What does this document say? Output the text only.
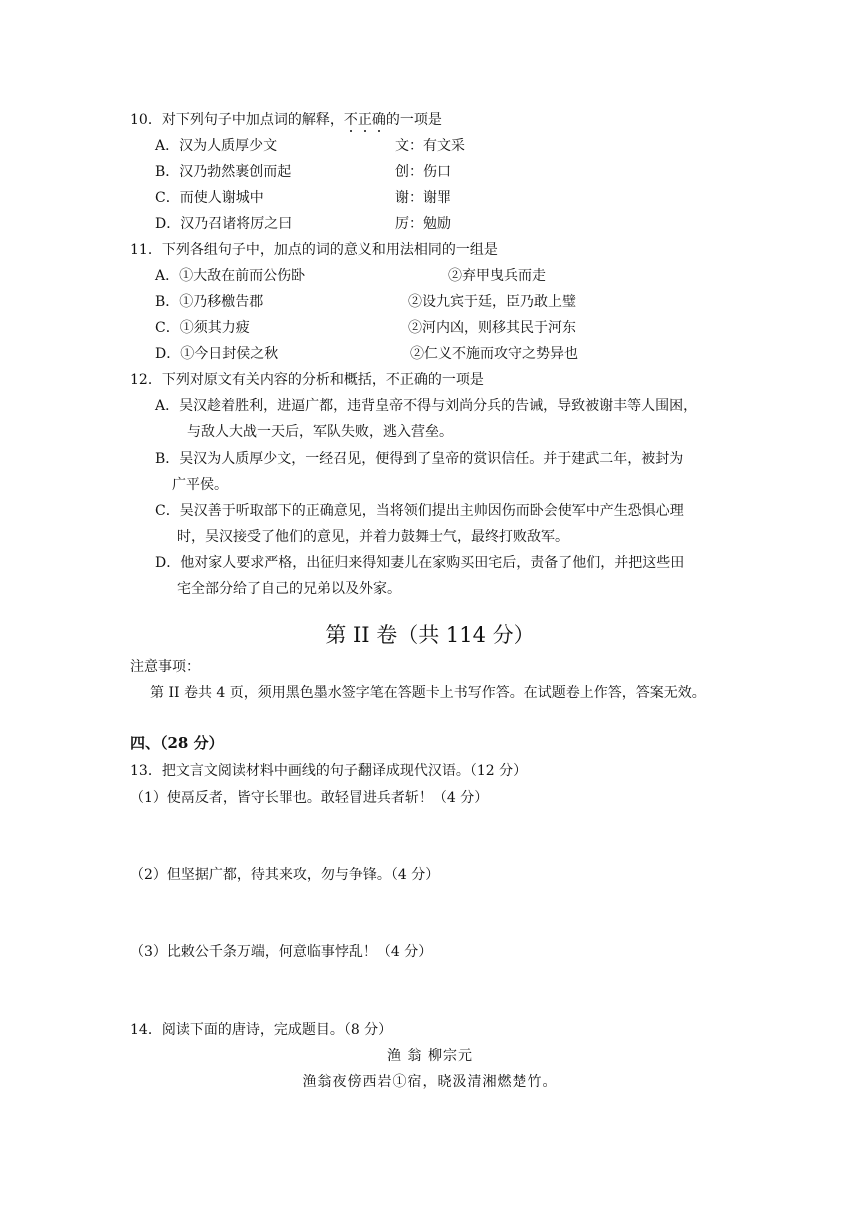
10．对下列句子中加点词的解释，不正确的一项是
A．汉为人质厚少文	文：有文采
B．汉乃勃然裹创而起	创：伤口
C．而使人谢城中	谢：谢罪
D．汉乃召诸将厉之曰	厉：勉励
11．下列各组句子中，加点的词的意义和用法相同的一组是
A．①大敌在前而公伤卧	②弃甲曳兵而走
B．①乃移檄告郡	②设九宾于廷，臣乃敢上璧
C．①须其力疲	②河内凶，则移其民于河东
D．①今日封侯之秋	②仁义不施而攻守之势异也
12．下列对原文有关内容的分析和概括，不正确的一项是
A．吴汉趁着胜利，进逼广都，违背皇帝不得与刘尚分兵的告诫，导致被谢丰等人围困，
与敌人大战一天后，军队失败，逃入营垒。
B．吴汉为人质厚少文，一经召见，便得到了皇帝的赏识信任。并于建武二年，被封为
广平侯。
C．吴汉善于听取部下的正确意见，当将领们提出主帅因伤而卧会使军中产生恐惧心理
时，吴汉接受了他们的意见，并着力鼓舞士气，最终打败敌军。
D．他对家人要求严格，出征归来得知妻儿在家购买田宅后，责备了他们，并把这些田
宅全部分给了自己的兄弟以及外家。
第 II 卷（共 114 分）
注意事项：
第 II 卷共 4 页，须用黑色墨水签字笔在答题卡上书写作答。在试题卷上作答，答案无效。
四、（28 分）
13．把文言文阅读材料中画线的句子翻译成现代汉语。（12 分）
（1）使鬲反者，皆守长罪也。敢轻冒进兵者斩！（4 分）
（2）但坚据广都，待其来攻，勿与争锋。（4 分）
（3）比敕公千条万端，何意临事悖乱！（4 分）
14．阅读下面的唐诗，完成题目。（8 分）
渔 翁 柳宗元
渔翁夜傍西岩①宿，晓汲清湘燃楚竹。
